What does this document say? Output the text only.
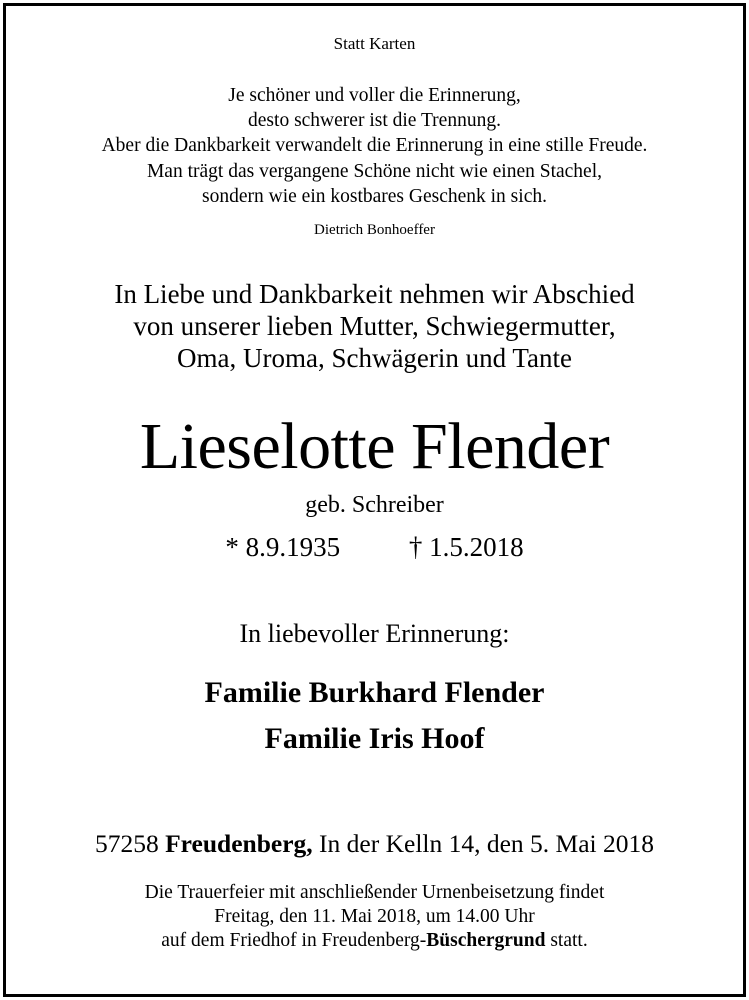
Statt Karten
Je schöner und voller die Erinnerung,
desto schwerer ist die Trennung.
Aber die Dankbarkeit verwandelt die Erinnerung in eine stille Freude.
Man trägt das vergangene Schöne nicht wie einen Stachel,
sondern wie ein kostbares Geschenk in sich.
Dietrich Bonhoeffer
In Liebe und Dankbarkeit nehmen wir Abschied
von unserer lieben Mutter, Schwiegermutter,
Oma, Uroma, Schwägerin und Tante
Lieselotte Flender
geb. Schreiber
* 8.9.1935	† 1.5.2018
In liebevoller Erinnerung:
Familie Burkhard Flender
Familie Iris Hoof
57258 Freudenberg, In der Kelln 14, den 5. Mai 2018
Die Trauerfeier mit anschließender Urnenbeisetzung findet
Freitag, den 11. Mai 2018, um 14.00 Uhr
auf dem Friedhof in Freudenberg-Büschergrund statt.
